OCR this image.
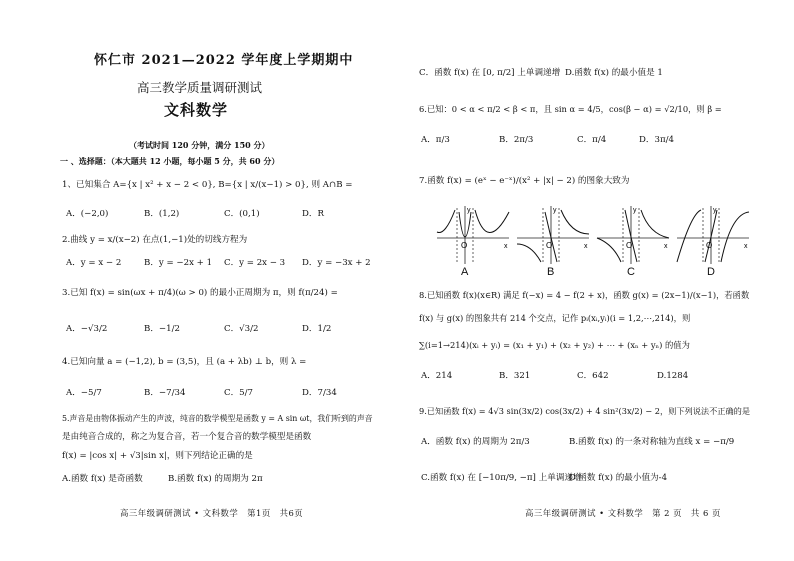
怀仁市 2021—2022 学年度上学期期中
高三教学质量调研测试
文科数学
（考试时间 120 分钟，满分 150 分）
一 、选择题：（本大题共 12 小题，每小题 5 分，共 60 分）
1、已知集合 A={x | x² + x − 2 < 0}, B={x | x/(x−1) > 0}, 则 A∩B =
A．(−2,0)	B．(1,2)	C．(0,1)	D．R
2.曲线 y = x/(x−2) 在点(1,−1)处的切线方程为
A．y = x − 2	B．y = −2x + 1 C．y = 2x − 3 D．y = −3x + 2
3.已知 f(x) = sin(ωx + π/4)(ω > 0) 的最小正周期为 π，则 f(π/24) =
A．−√3/2	B．−1/2	C．√3/2	D．1/2
4.已知向量 a = (−1,2), b = (3,5)，且 (a + λb) ⊥ b，则 λ =
A．−5/7	B．−7/34	C．5/7	D．7/34
5.声音是由物体振动产生的声波，纯音的数学模型是函数 y = A sin ωt，我们听到的声音
是由纯音合成的，称之为复合音，若一个复合音的数学模型是函数
f(x) = |cos x| + √3|sin x|，则下列结论正确的是
A.函数 f(x) 是奇函数	B.函数 f(x) 的周期为 2π
高三年级调研测试 • 文科数学　第1页　共6页
C．函数 f(x) 在 [0, π/2] 上单调递增 D.函数 f(x) 的最小值是 1
6.已知：0 < α < π/2 < β < π，且 sin α = 4/5，cos(β − α) = √2/10，则 β =
A．π/3	B．2π/3	C．π/4	D．3π/4
7.函数 f(x) = (eˣ − e⁻ˣ)/(x² + |x| − 2) 的图象大致为
O	x
y
O	x
y
O	x
y
O	x
y
A	B	C	D
8.已知函数 f(x)(x∈R) 满足 f(−x) = 4 − f(2 + x)，函数 g(x) = (2x−1)/(x−1)，若函数
f(x) 与 g(x) 的图象共有 214 个交点，记作 pᵢ(xᵢ,yᵢ)(i = 1,2,⋯,214)，则
∑(i=1→214)(xᵢ + yᵢ) = (x₁ + y₁) + (x₂ + y₂) + ⋯ + (xₙ + yₙ) 的值为
A．214	B．321	C．642	D.1284
9.已知函数 f(x) = 4√3 sin(3x/2) cos(3x/2) + 4 sin²(3x/2) − 2，则下列说法不正确的是
A．函数 f(x) 的周期为 2π/3	B.函数 f(x) 的一条对称轴为直线 x = −π/9
C.函数 f(x) 在 [−10π/9, −π] 上单调递增
D.函数 f(x) 的最小值为-4
高三年级调研测试 • 文科数学　第 2 页　共 6 页
